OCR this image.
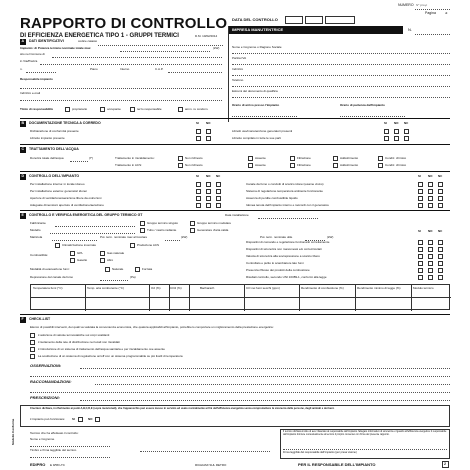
NUMERO N° pro-p
Pagina	di
RAPPORTO DI CONTROLLO
DI EFFICIENZA ENERGETICA TIPO 1 - GRUPPI TERMICI	D.M. 10/02/2014
DATA DEL CONTROLLO
IMPRESA MANUTENTRICE	N.
Nome e Cognome o Ragione Sociale
Partita IVA
Indirizzo
Telefono
Estremi del documento di qualifica
Orario di arrivo presso l'impianto	Orario di partenza dall'impianto
A DATI IDENTIFICATIVI	codice catasto
Impianto: di Potenza termica nominale totale max	(kW)
sito nel Comune di
in Via/Piazza
n.	Piano	Interno	C.A.P.
Responsabile impianto
Indirizzo e-mail
Titolo di responsabilità	proprietario	occupante	terzo responsabile	amm. re condom.
B DOCUMENTAZIONE TECNICA A CORREDO	SI NO	SI NO NC
Dichiarazione di conformità presente
Libretto impianto presente
Libretti uso/manutenzione generatori presenti
Libretto compilato in tutte le sue parti
C TRATTAMENTO DELL'ACQUA
Durezza totale dell'acqua	(f°)	Trattamento in riscaldamento:	Non richiesto	Assente	Filtrazione	Addolcimento	Condiz. chimico
Trattamento in ACS:	Non richiesto	Assente	Filtrazione	Addolcimento	Condiz. chimico
D CONTROLLO DELL'IMPIANTO	SI NO NC	SI NO NC
Per installazione interna: in locale idoneo
Per installazione esterna: generatori idonei
Aperture di ventilazione/aerazione libere da ostruzioni
Adeguate dimensioni aperture di ventilazione/aerazione
Canale da fumo o condotti di scarico idonei (esame visivo)
Sistema di regolazione temperatura ambiente funzionante
Assenza di perdite combustibile liquido
Idonea tenuta dell'impianto interno e raccordi con il generatore
E CONTROLLO E VERIFICA ENERGETICA DEL GRUPPO TERMICO GT	Data installazione
Fabbricante	Gruppo termico singolo	Gruppo termico modulare
Modello	Tubo / nastro radiante	Generatore d'aria calda
Matricola	Pot. term. nominale max al focolare	(kW)	Pot. term. nominale utile	(kW)
Climatizzazione invernale	Produzione ACS
Combustibile:	GPL	Gas naturale
Gasolio	Altro
Modalità di evacuazione fumi:	Naturale	Forzata
Depressione del canale da fumo	(Pa)
SI NO NC
Dispositivi di comando e regolazione funzionanti correttamente
Dispositivi di sicurezza non manomessi e/o cortocircuitati
Valvola di sicurezza alla sovrapressione a scarico libero
Controllato e pulito lo scambiatore lato fumi
Presenza riflusso dei prodotti della combustione
Risultati controllo, secondo UNI 10389-1, conformi alla legge
Temperatura fumi (°C)	Temp. aria comburente (°C)	O2 (%)	CO2 (%)	Bacharach	CO nei fumi secchi (ppm)	Rendimento di combustione (%)	Rendimento minimo di legge (%)	Modulo termico
F CHECK-LIST
Elenco di possibili interventi, dei quali va valutata la convenienza economica, che qualora applicabili all'impianto, potrebbero comportare un miglioramento della prestazione energetica:
L'adozione di valvole termostatiche sui corpi scaldanti
L'isolamento della rete di distribuzione nei locali non riscaldati
L'introduzione di un sistema di trattamento dell'acqua sanitaria e per riscaldamento ove assente
La sostituzione di un sistema di regolazione on/off con un sistema programmabile su più livelli di temperatura
OSSERVAZIONI:
RACCOMANDAZIONI:
PRESCRIZIONI:
Il tecnico dichiara, in riferimento ai punti A,B,C,D,E (sopra menzionati), che l'apparecchio può essere messo in servizio ed usato normalmente ai fini dell'efficienza energetica senza compromettere la sicurezza delle persone, degli animali e dei beni.
L'impianto può funzionare: SI	NO
Tecnico che ha effettuato il controllo:
Nome e Cognome
Timbro e firma leggibile del tecnico
Il tecnico dichiara inoltre di aver rilasciato al responsabile dell'impianto l'allegato informativo di sicurezza e riguardo all'efficienza energetica: il responsabile dell'impianto fornisce contestualmente al tecnico il proprio consenso con firma del presente rapporto.
Firma leggibile del responsabile dell'impianto (per presa visione)
Modello Conforme
EDIPRO E 9/58 LTC	RICHIAMI SUL RETRO	PER IL RESPONSABILE DELL'IMPIANTO	2
